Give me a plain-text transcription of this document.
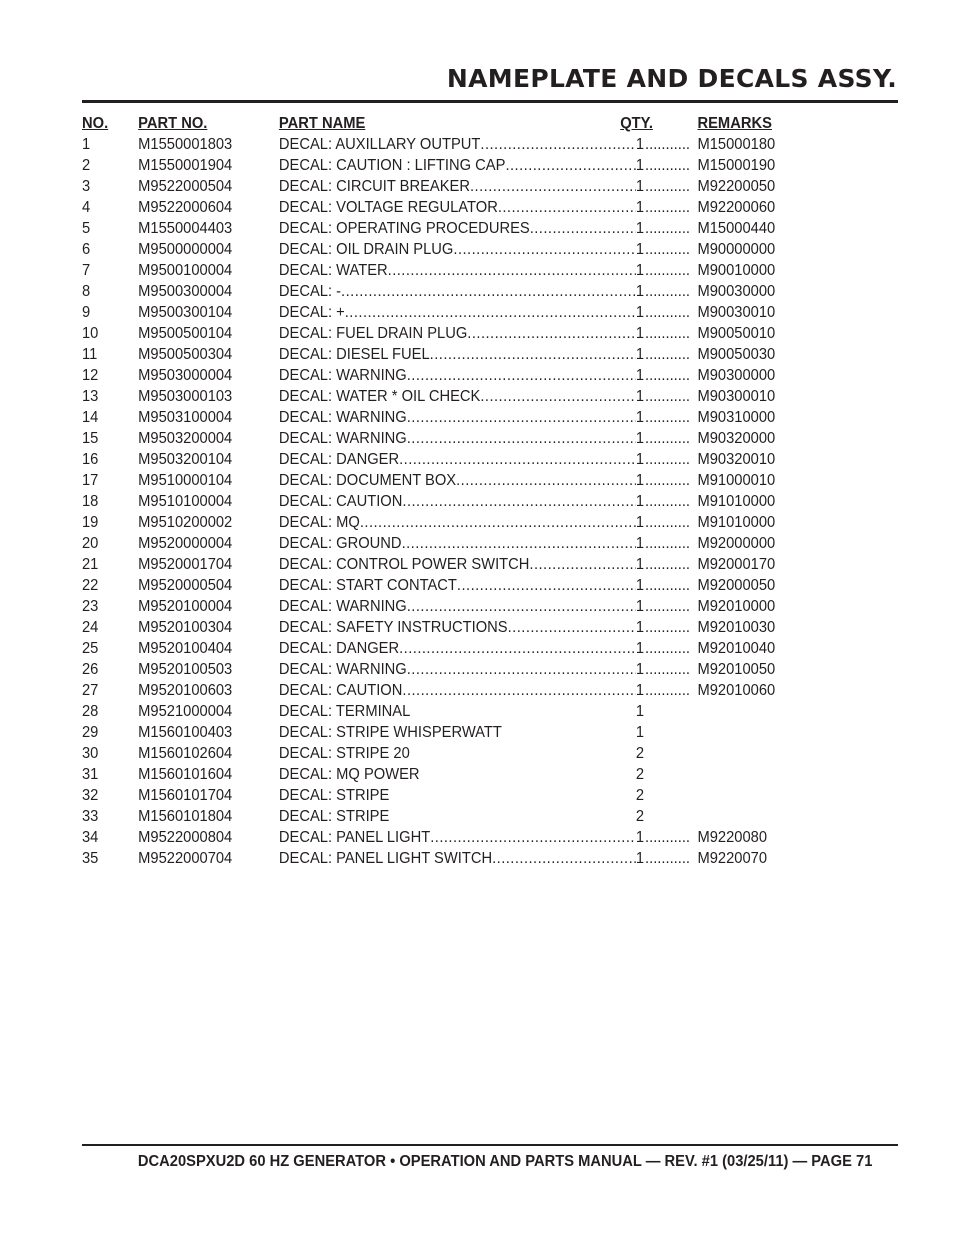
NAMEPLATE AND DECALS ASSY.
NO. PART NO.	PART NAME	QTY.	REMARKS
1	M1550001803	DECAL: AUXILLARY OUTPUT .....	1 ........... M15000180
2	M1550001904	DECAL: CAUTION : LIFTING CAP .....	1 ........... M15000190
3	M9522000504	DECAL: CIRCUIT BREAKER .....	1 ........... M92200050
4	M9522000604	DECAL: VOLTAGE REGULATOR .....	1 ........... M92200060
5	M1550004403	DECAL: OPERATING PROCEDURES .....	1 ........... M15000440
6	M9500000004	DECAL: OIL DRAIN PLUG .....	1 ........... M90000000
7	M9500100004	DECAL: WATER .....	1 ........... M90010000
8	M9500300004	DECAL: - .....	1 ........... M90030000
9	M9500300104	DECAL: + .....	1 ........... M90030010
10 M9500500104	DECAL: FUEL DRAIN PLUG .....	1 ........... M90050010
11	M9500500304	DECAL: DIESEL FUEL .....	1 ........... M90050030
12 M9503000004	DECAL: WARNING .....	1 ........... M90300000
13 M9503000103	DECAL: WATER * OIL CHECK .....	1 ........... M90300010
14 M9503100004	DECAL: WARNING .....	1 ........... M90310000
15 M9503200004	DECAL: WARNING .....	1 ........... M90320000
16 M9503200104	DECAL: DANGER .....	1 ........... M90320010
17 M9510000104	DECAL: DOCUMENT BOX .....	1 ........... M91000010
18 M9510100004	DECAL: CAUTION .....	1 ........... M91010000
19 M9510200002	DECAL: MQ .....	1 ........... M91010000
20 M9520000004	DECAL: GROUND .....	1 ........... M92000000
21 M9520001704	DECAL: CONTROL POWER SWITCH .....	1 ........... M92000170
22 M9520000504	DECAL: START CONTACT .....	1 ........... M92000050
23 M9520100004	DECAL: WARNING .....	1 ........... M92010000
24 M9520100304	DECAL: SAFETY INSTRUCTIONS .....	1 ........... M92010030
25 M9520100404	DECAL: DANGER .....	1 ........... M92010040
26 M9520100503	DECAL: WARNING .....	1 ........... M92010050
27 M9520100603	DECAL: CAUTION .....	1 ........... M92010060
28 M9521000004	DECAL: TERMINAL	1
29 M1560100403	DECAL: STRIPE WHISPERWATT	1
30 M1560102604	DECAL: STRIPE 20	2
31 M1560101604	DECAL: MQ POWER	2
32 M1560101704	DECAL: STRIPE	2
33 M1560101804	DECAL: STRIPE	2
34 M9522000804	DECAL: PANEL LIGHT .....	1 ........... M9220080
35 M9522000704	DECAL: PANEL LIGHT SWITCH .....	1 ........... M9220070
DCA20SPXU2D 60 HZ GENERATOR • OPERATION AND PARTS MANUAL — REV. #1 (03/25/11) — PAGE 71
